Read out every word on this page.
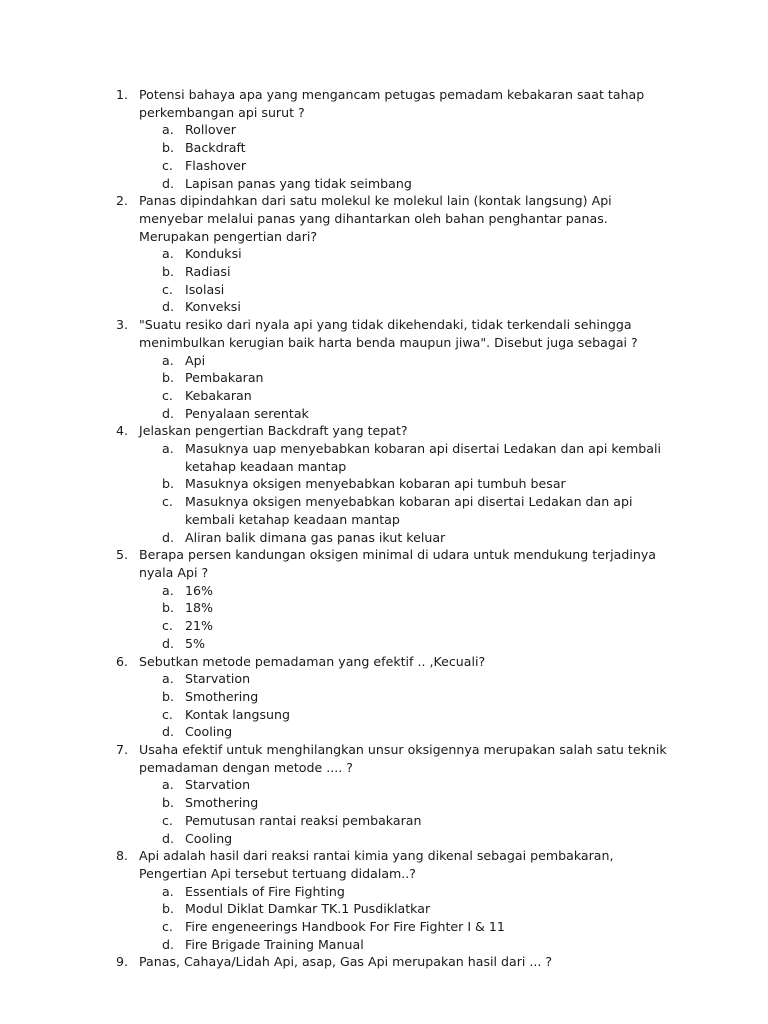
1. Potensi bahaya apa yang mengancam petugas pemadam kebakaran saat tahap perkembangan api surut ?
a. Rollover
b. Backdraft
c. Flashover
d. Lapisan panas yang tidak seimbang
2. Panas dipindahkan dari satu molekul ke molekul lain (kontak langsung) Api menyebar melalui panas yang dihantarkan oleh bahan penghantar panas. Merupakan pengertian dari?
a. Konduksi
b. Radiasi
c. Isolasi
d. Konveksi
3. "Suatu resiko dari nyala api yang tidak dikehendaki, tidak terkendali sehingga menimbulkan kerugian baik harta benda maupun jiwa". Disebut juga sebagai ?
a. Api
b. Pembakaran
c. Kebakaran
d. Penyalaan serentak
4. Jelaskan pengertian Backdraft yang tepat?
a. Masuknya uap menyebabkan kobaran api disertai Ledakan dan api kembali ketahap keadaan mantap
b. Masuknya oksigen menyebabkan kobaran api tumbuh besar
c. Masuknya oksigen menyebabkan kobaran api disertai Ledakan dan api kembali ketahap keadaan mantap
d. Aliran balik dimana gas panas ikut keluar
5. Berapa persen kandungan oksigen minimal di udara untuk mendukung terjadinya nyala Api ?
a. 16%
b. 18%
c. 21%
d. 5%
6. Sebutkan metode pemadaman yang efektif .. ,Kecuali?
a. Starvation
b. Smothering
c. Kontak langsung
d. Cooling
7. Usaha efektif untuk menghilangkan unsur oksigennya merupakan salah satu teknik pemadaman dengan metode .... ?
a. Starvation
b. Smothering
c. Pemutusan rantai reaksi pembakaran
d. Cooling
8. Api adalah hasil dari reaksi rantai kimia yang dikenal sebagai pembakaran, Pengertian Api tersebut tertuang didalam..?
a. Essentials of Fire Fighting
b. Modul Diklat Damkar TK.1 Pusdiklatkar
c. Fire engeneerings Handbook For Fire Fighter I & 11
d. Fire Brigade Training Manual
9. Panas, Cahaya/Lidah Api, asap, Gas Api merupakan hasil dari ... ?
